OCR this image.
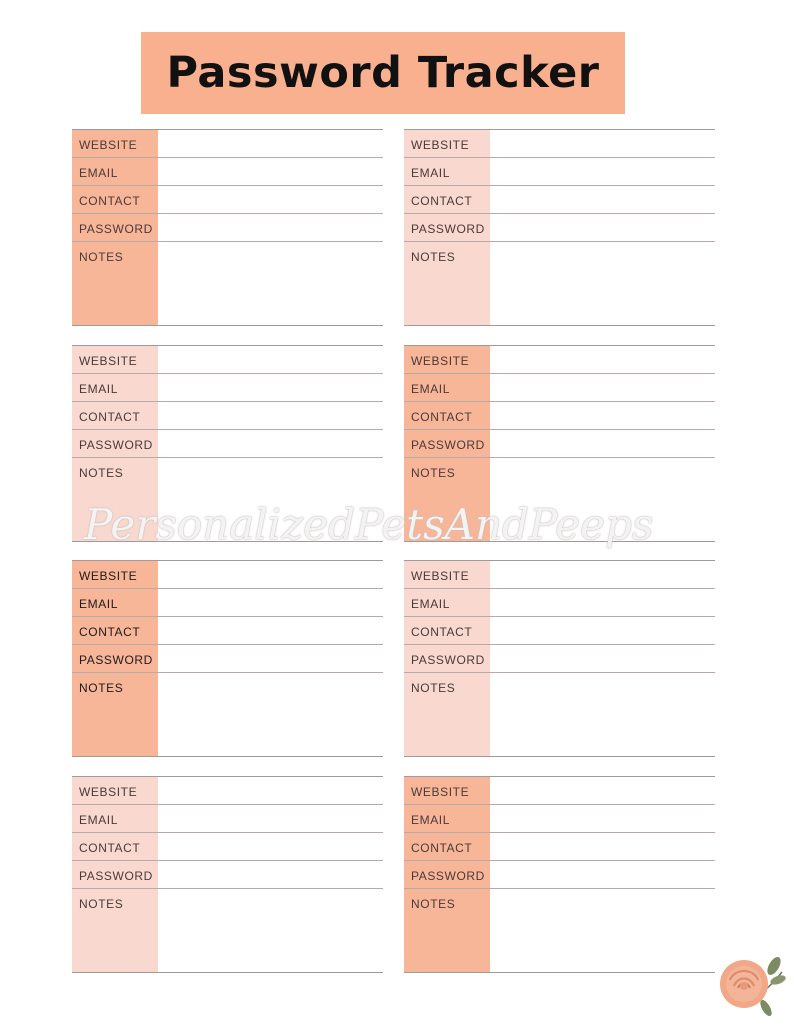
Password Tracker
WEBSITE
EMAIL
CONTACT
PASSWORD
NOTES
WEBSITE
EMAIL
CONTACT
PASSWORD
NOTES
WEBSITE
EMAIL
CONTACT
PASSWORD
NOTES
WEBSITE
EMAIL
CONTACT
PASSWORD
NOTES
WEBSITE
EMAIL
CONTACT
PASSWORD
NOTES
WEBSITE
EMAIL
CONTACT
PASSWORD
NOTES
WEBSITE
EMAIL
CONTACT
PASSWORD
NOTES
WEBSITE
EMAIL
CONTACT
PASSWORD
NOTES
PersonalizedPetsAndPeeps
